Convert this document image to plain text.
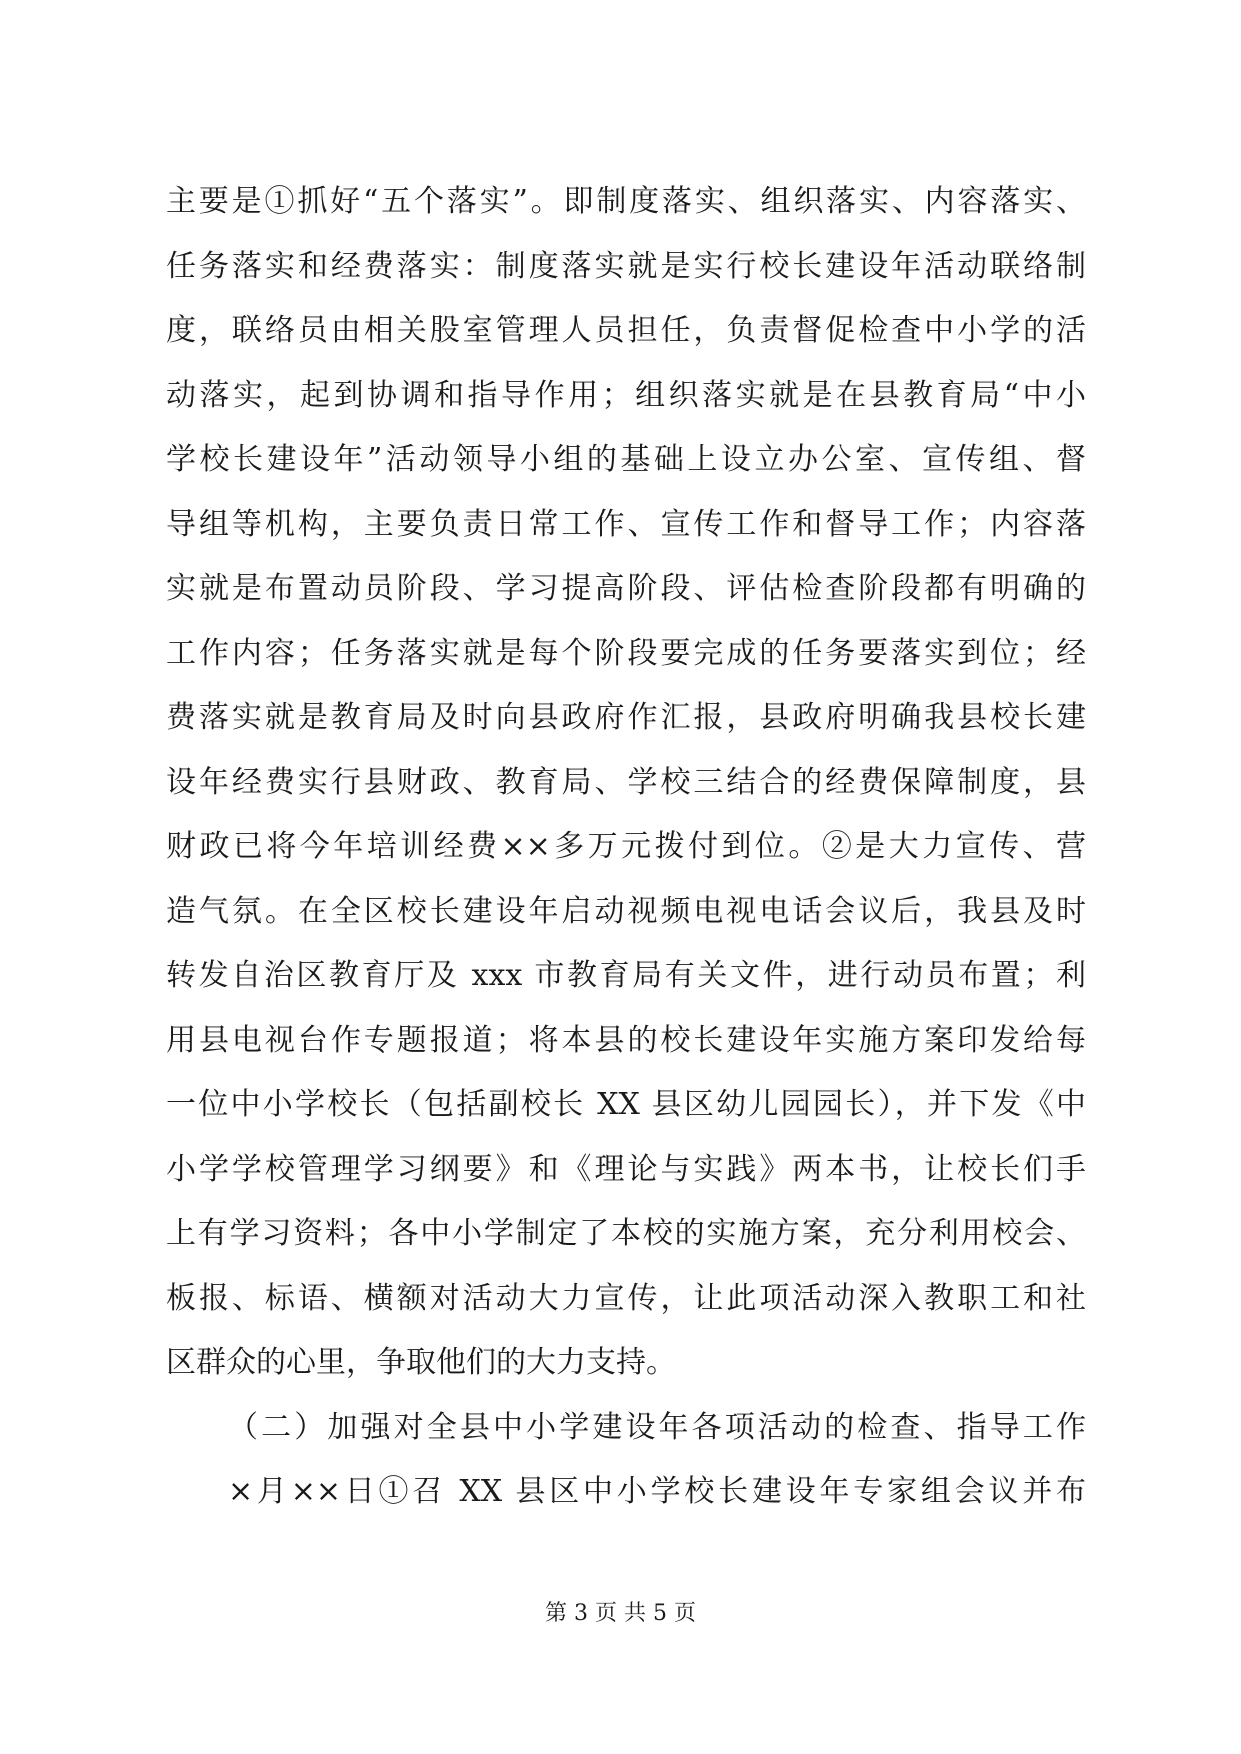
主要是①抓好“五个落实”。即制度落实、组织落实、内容落实、
任务落实和经费落实：制度落实就是实行校长建设年活动联络制
度，联络员由相关股室管理人员担任，负责督促检查中小学的活
动落实，起到协调和指导作用；组织落实就是在县教育局“中小
学校长建设年”活动领导小组的基础上设立办公室、宣传组、督
导组等机构，主要负责日常工作、宣传工作和督导工作；内容落
实就是布置动员阶段、学习提高阶段、评估检查阶段都有明确的
工作内容；任务落实就是每个阶段要完成的任务要落实到位；经
费落实就是教育局及时向县政府作汇报，县政府明确我县校长建
设年经费实行县财政、教育局、学校三结合的经费保障制度，县
财政已将今年培训经费××多万元拨付到位。②是大力宣传、营
造气氛。在全区校长建设年启动视频电视电话会议后，我县及时
转发自治区教育厅及 xxx 市教育局有关文件，进行动员布置；利
用县电视台作专题报道；将本县的校长建设年实施方案印发给每
一位中小学校长（包括副校长 XX 县区幼儿园园长），并下发《中
小学学校管理学习纲要》和《理论与实践》两本书，让校长们手
上有学习资料；各中小学制定了本校的实施方案，充分利用校会、
板报、标语、横额对活动大力宣传，让此项活动深入教职工和社
区群众的心里，争取他们的大力支持。
（二）加强对全县中小学建设年各项活动的检查、指导工作
×月××日①召 XX 县区中小学校长建设年专家组会议并布
第 3 页 共 5 页
